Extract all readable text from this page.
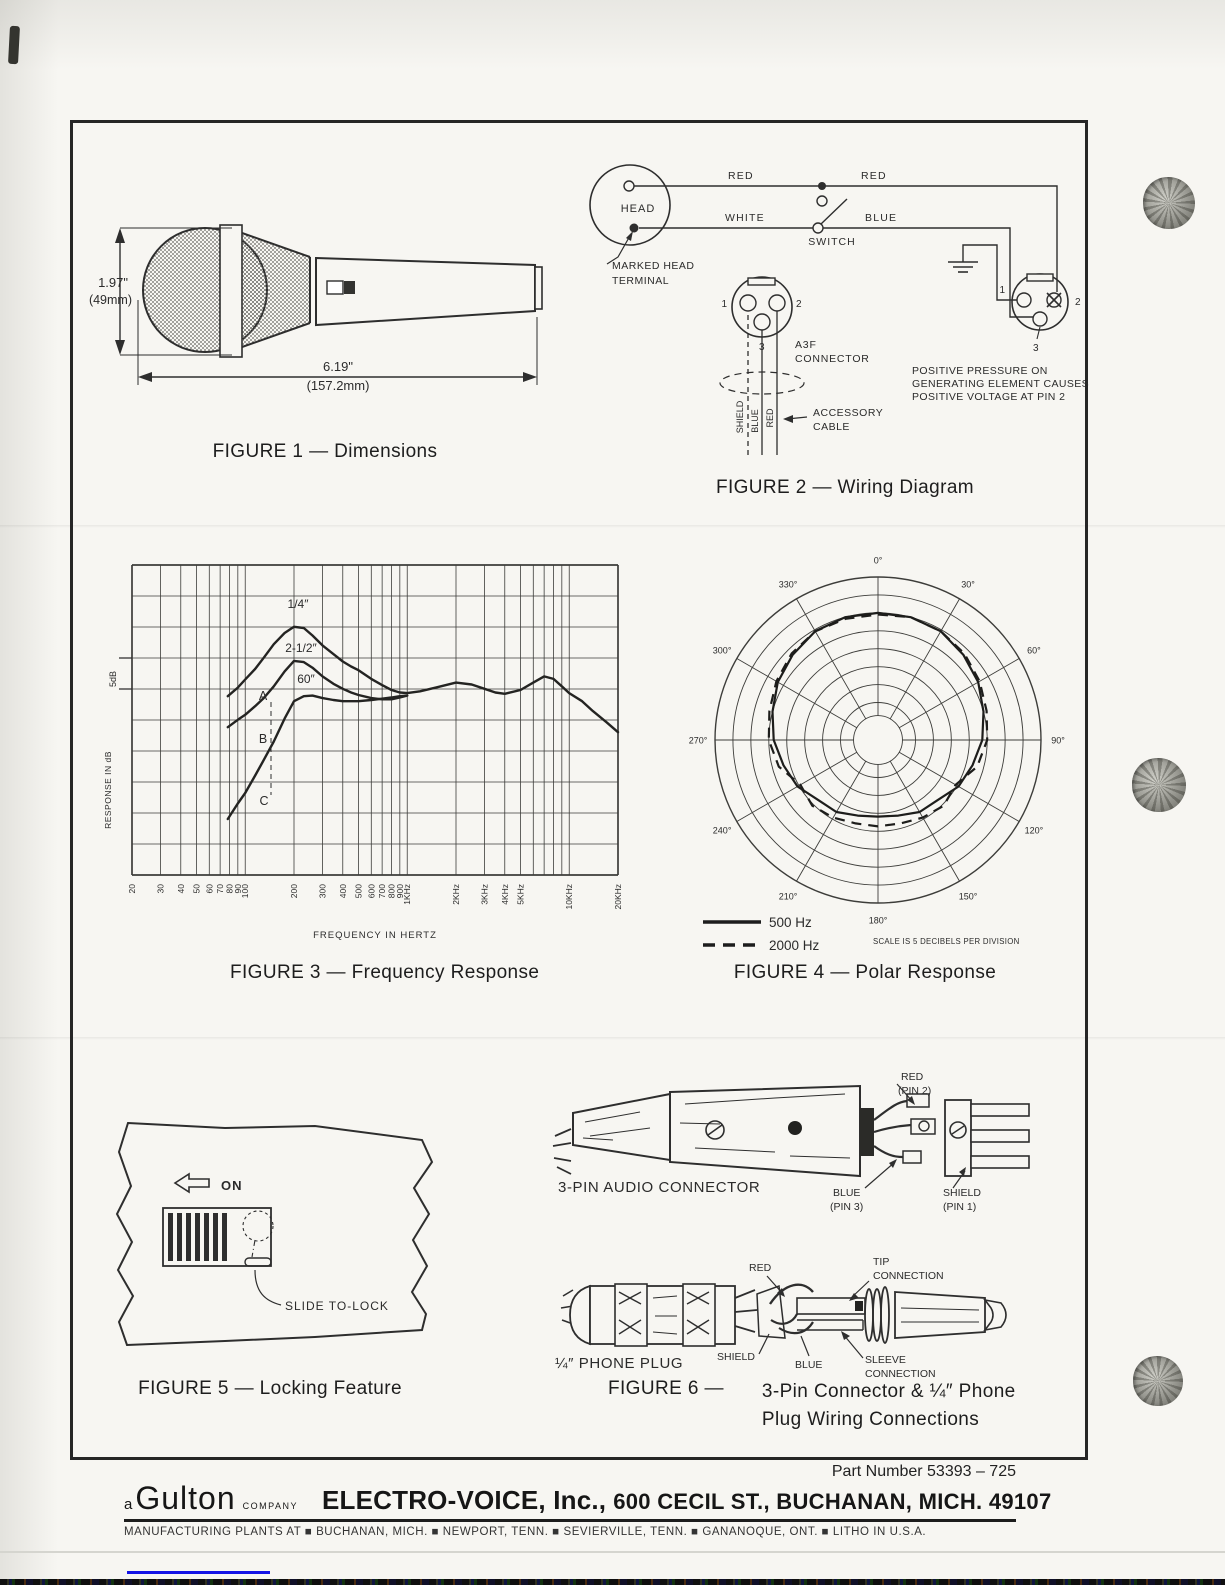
1.97"
(49mm)
6.19"
(157.2mm)
FIGURE 1 — Dimensions
HEAD
MARKED HEAD
TERMINAL
RED	RED
WHITE	BLUE
SWITCH
1	2
3	A3F
CONNECTOR
SHIELD BLUE RED	ACCESSORY
CABLE
1
2
3
POSITIVE PRESSURE ON
GENERATING ELEMENT CAUSES
POSITIVE VOLTAGE AT PIN 2
FIGURE 2 — Wiring Diagram
20 30 40 50 60 70 80
90
100	200 300 400 500 600 700 800
900
1KHz	2KHz 3KHz 4KHz 5KHz	10KHz	20KHz
5dB
RESPONSE IN dB
1/4″
2-1/2″
60″
A
B
C
FREQUENCY IN HERTZ
FIGURE 3 — Frequency Response
0°
30°
60°
90°
120°
150°
180°
210°
240°
270°
300°
330°
500 Hz
2000 Hz	SCALE IS 5 DECIBELS PER DIVISION
FIGURE 4 — Polar Response
ON
SLIDE TO-LOCK
FIGURE 5 — Locking Feature
3-PIN AUDIO CONNECTOR
RED
(PIN 2)
BLUE
(PIN 3)
SHIELD
(PIN 1)
¼″ PHONE PLUG
RED	TIP
CONNECTION
SHIELD
BLUE	SLEEVE
CONNECTION
FIGURE 6 — 3-Pin Connector & ¼″ Phone
Plug Wiring Connections
Part Number 53393 – 725
a Gulton COMPANY ELECTRO-VOICE, Inc., 600 CECIL ST., BUCHANAN, MICH. 49107
MANUFACTURING PLANTS AT ■ BUCHANAN, MICH. ■ NEWPORT, TENN. ■ SEVIERVILLE, TENN. ■ GANANOQUE, ONT. ■ LITHO IN U.S.A.
